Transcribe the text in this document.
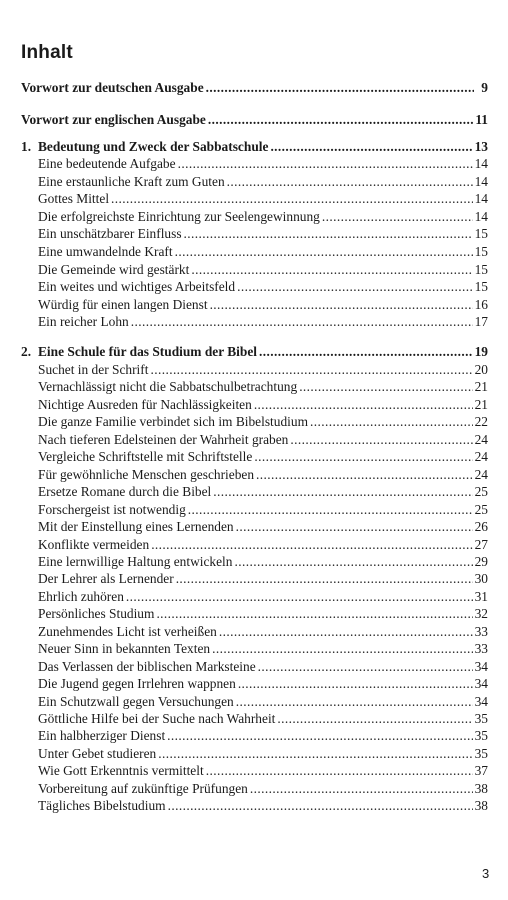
Inhalt
Vorwort zur deutschen Ausgabe .....	9
Vorwort zur englischen Ausgabe .....	11
1. Bedeutung und Zweck der Sabbatschule .....	13
Eine bedeutende Aufgabe .....	14
Eine erstaunliche Kraft zum Guten .....	14
Gottes Mittel .....	14
Die erfolgreichste Einrichtung zur Seelengewinnung .....	14
Ein unschätzbarer Einfluss .....	15
Eine umwandelnde Kraft .....	15
Die Gemeinde wird gestärkt .....	15
Ein weites und wichtiges Arbeitsfeld .....	15
Würdig für einen langen Dienst .....	16
Ein reicher Lohn .....	17
2. Eine Schule für das Studium der Bibel .....	19
Suchet in der Schrift .....	20
Vernachlässigt nicht die Sabbatschulbetrachtung .....	21
Nichtige Ausreden für Nachlässigkeiten .....	21
Die ganze Familie verbindet sich im Bibelstudium .....	22
Nach tieferen Edelsteinen der Wahrheit graben .....	24
Vergleiche Schriftstelle mit Schriftstelle .....	24
Für gewöhnliche Menschen geschrieben .....	24
Ersetze Romane durch die Bibel .....	25
Forschergeist ist notwendig .....	25
Mit der Einstellung eines Lernenden .....	26
Konflikte vermeiden .....	27
Eine lernwillige Haltung entwickeln .....	29
Der Lehrer als Lernender .....	30
Ehrlich zuhören .....	31
Persönliches Studium .....	32
Zunehmendes Licht ist verheißen .....	33
Neuer Sinn in bekannten Texten .....	33
Das Verlassen der biblischen Marksteine .....	34
Die Jugend gegen Irrlehren wappnen .....	34
Ein Schutzwall gegen Versuchungen .....	34
Göttliche Hilfe bei der Suche nach Wahrheit .....	35
Ein halbherziger Dienst .....	35
Unter Gebet studieren .....	35
Wie Gott Erkenntnis vermittelt .....	37
Vorbereitung auf zukünftige Prüfungen .....	38
Tägliches Bibelstudium .....	38
3
